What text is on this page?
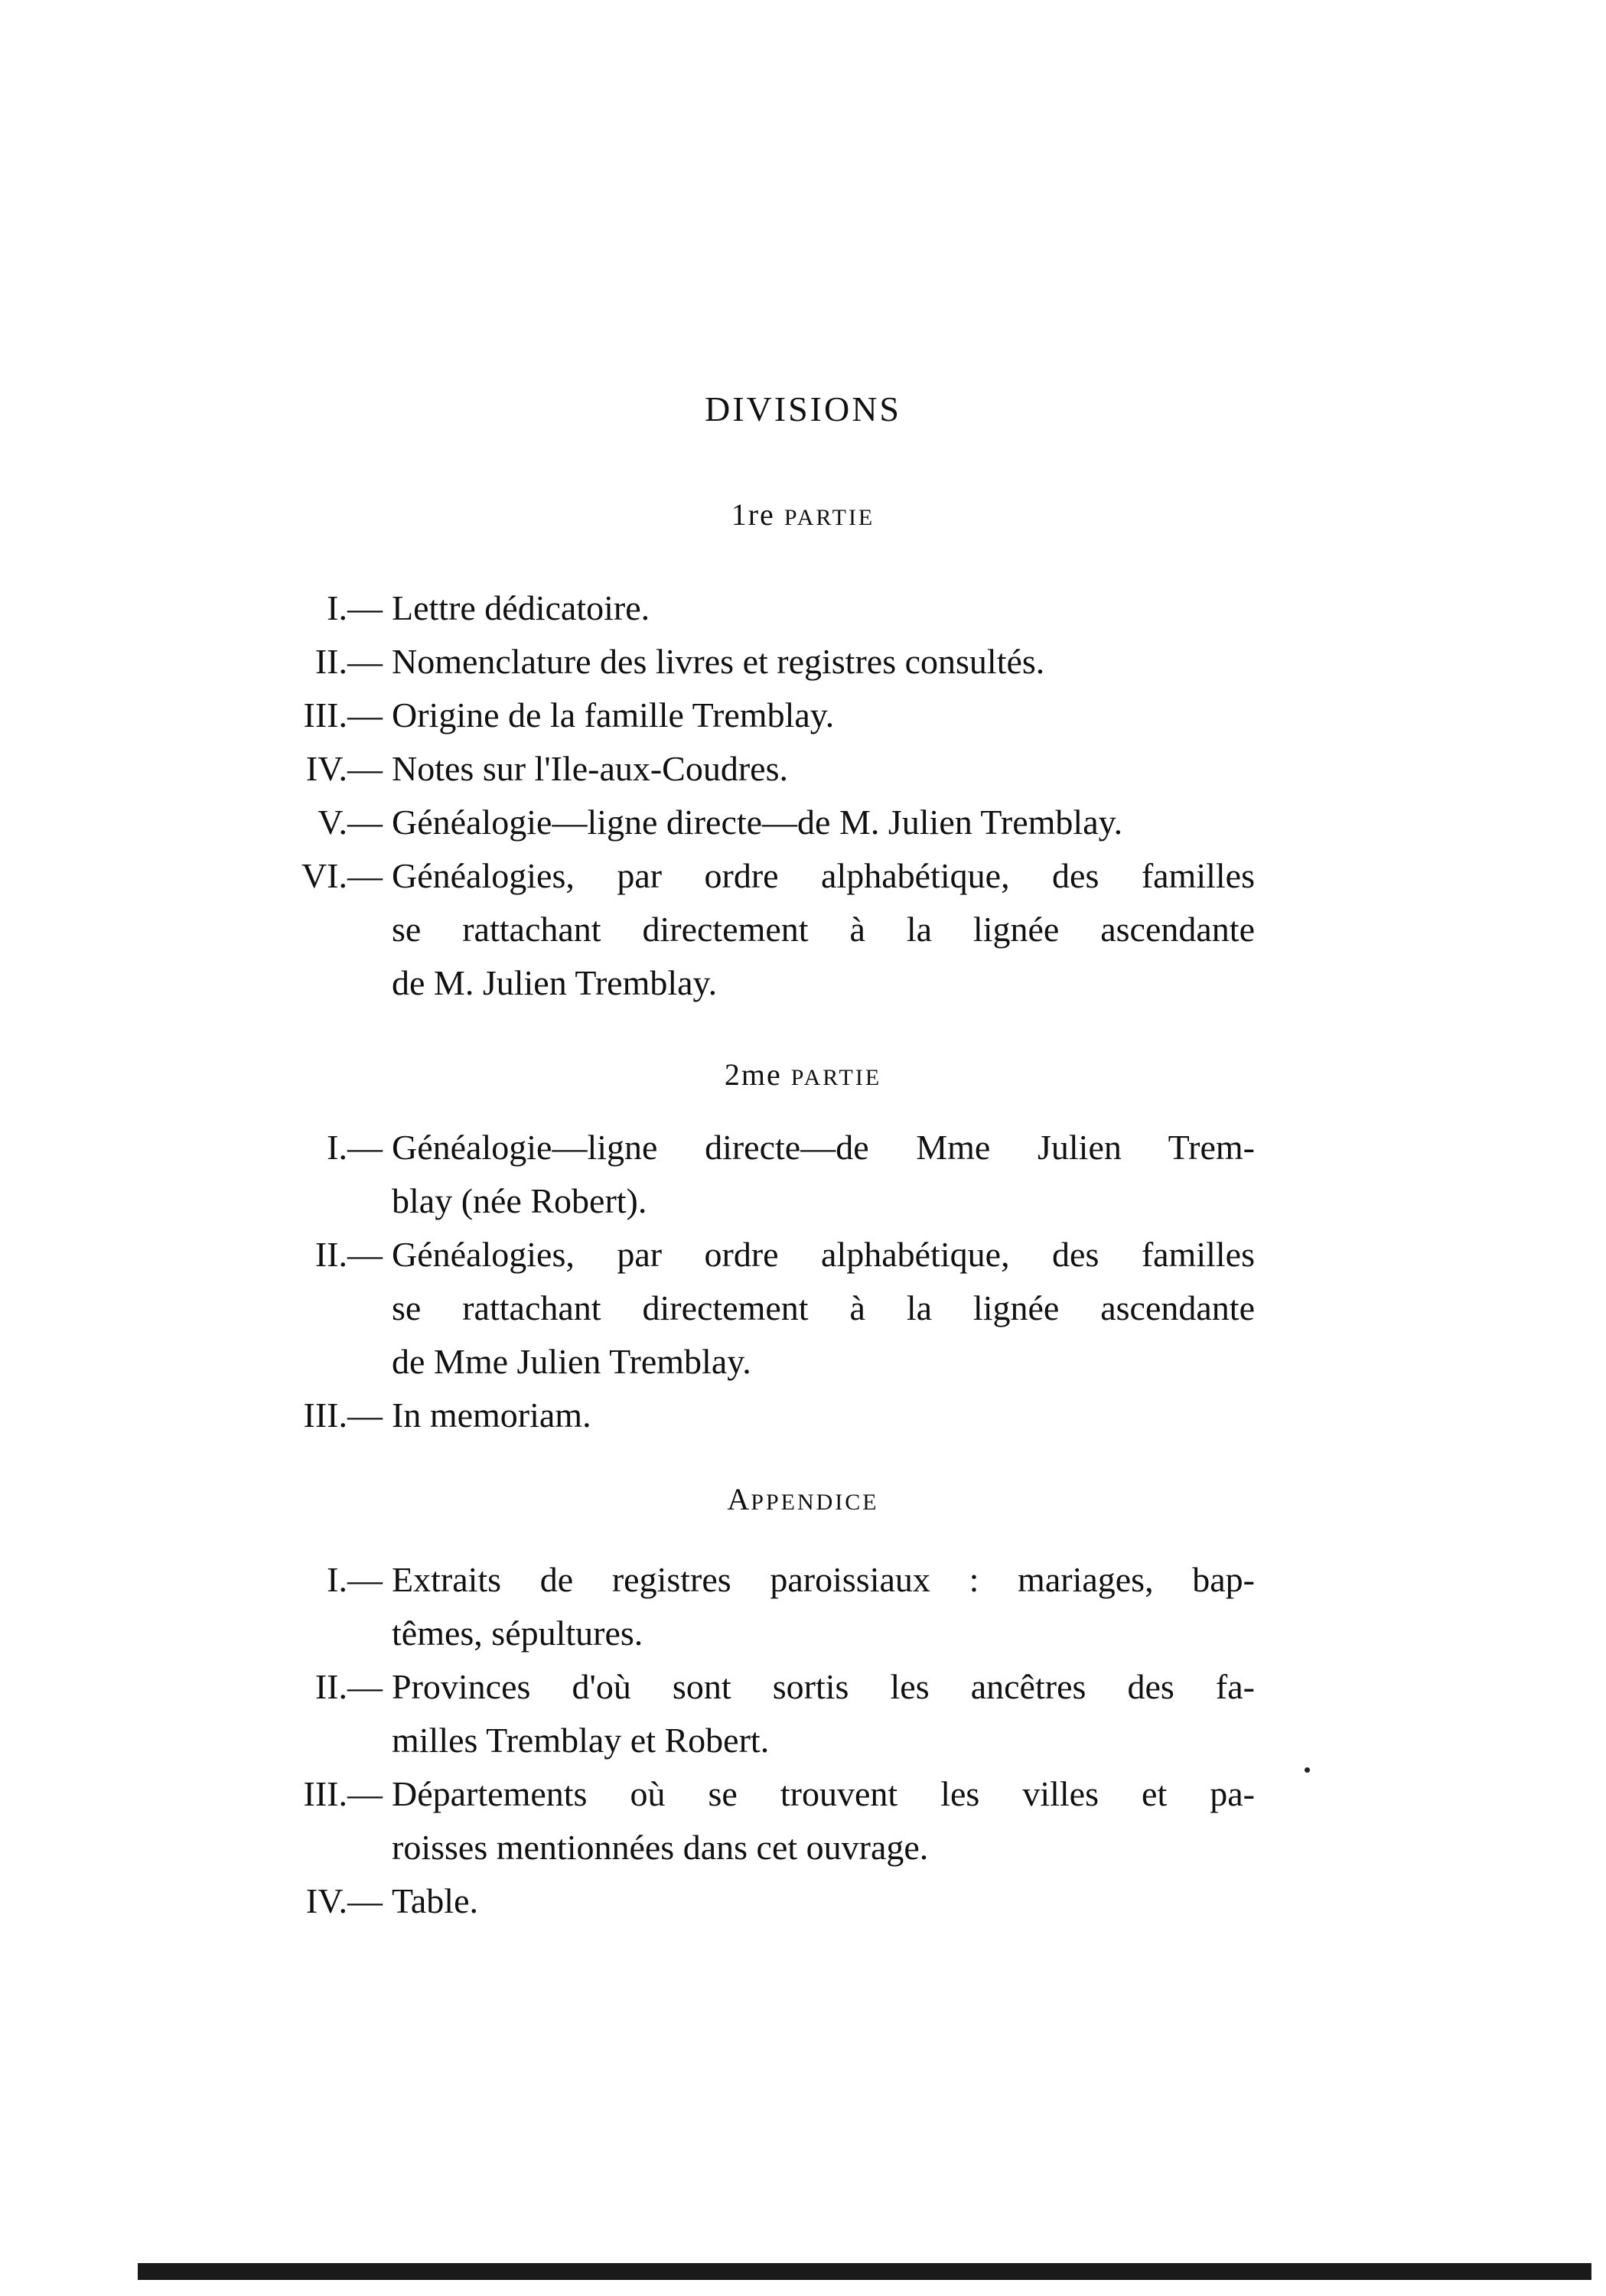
DIVISIONS
1re PARTIE
I.— Lettre dédicatoire.
II.— Nomenclature des livres et registres consultés.
III.— Origine de la famille Tremblay.
IV.— Notes sur l'Ile-aux-Coudres.
V.— Généalogie—ligne directe—de M. Julien Tremblay.
VI.— Généalogies, par ordre alphabétique, des familles
se rattachant directement à la lignée ascendante
de M. Julien Tremblay.
2me PARTIE
I.— Généalogie—ligne directe—de Mme Julien Trem-
blay (née Robert).
II.— Généalogies, par ordre alphabétique, des familles
se rattachant directement à la lignée ascendante
de Mme Julien Tremblay.
III.— In memoriam.
APPENDICE
I.— Extraits de registres paroissiaux : mariages, bap-
têmes, sépultures.
II.— Provinces d'où sont sortis les ancêtres des fa-
milles Tremblay et Robert.
III.— Départements où se trouvent les villes et pa-
roisses mentionnées dans cet ouvrage.
IV.— Table.
